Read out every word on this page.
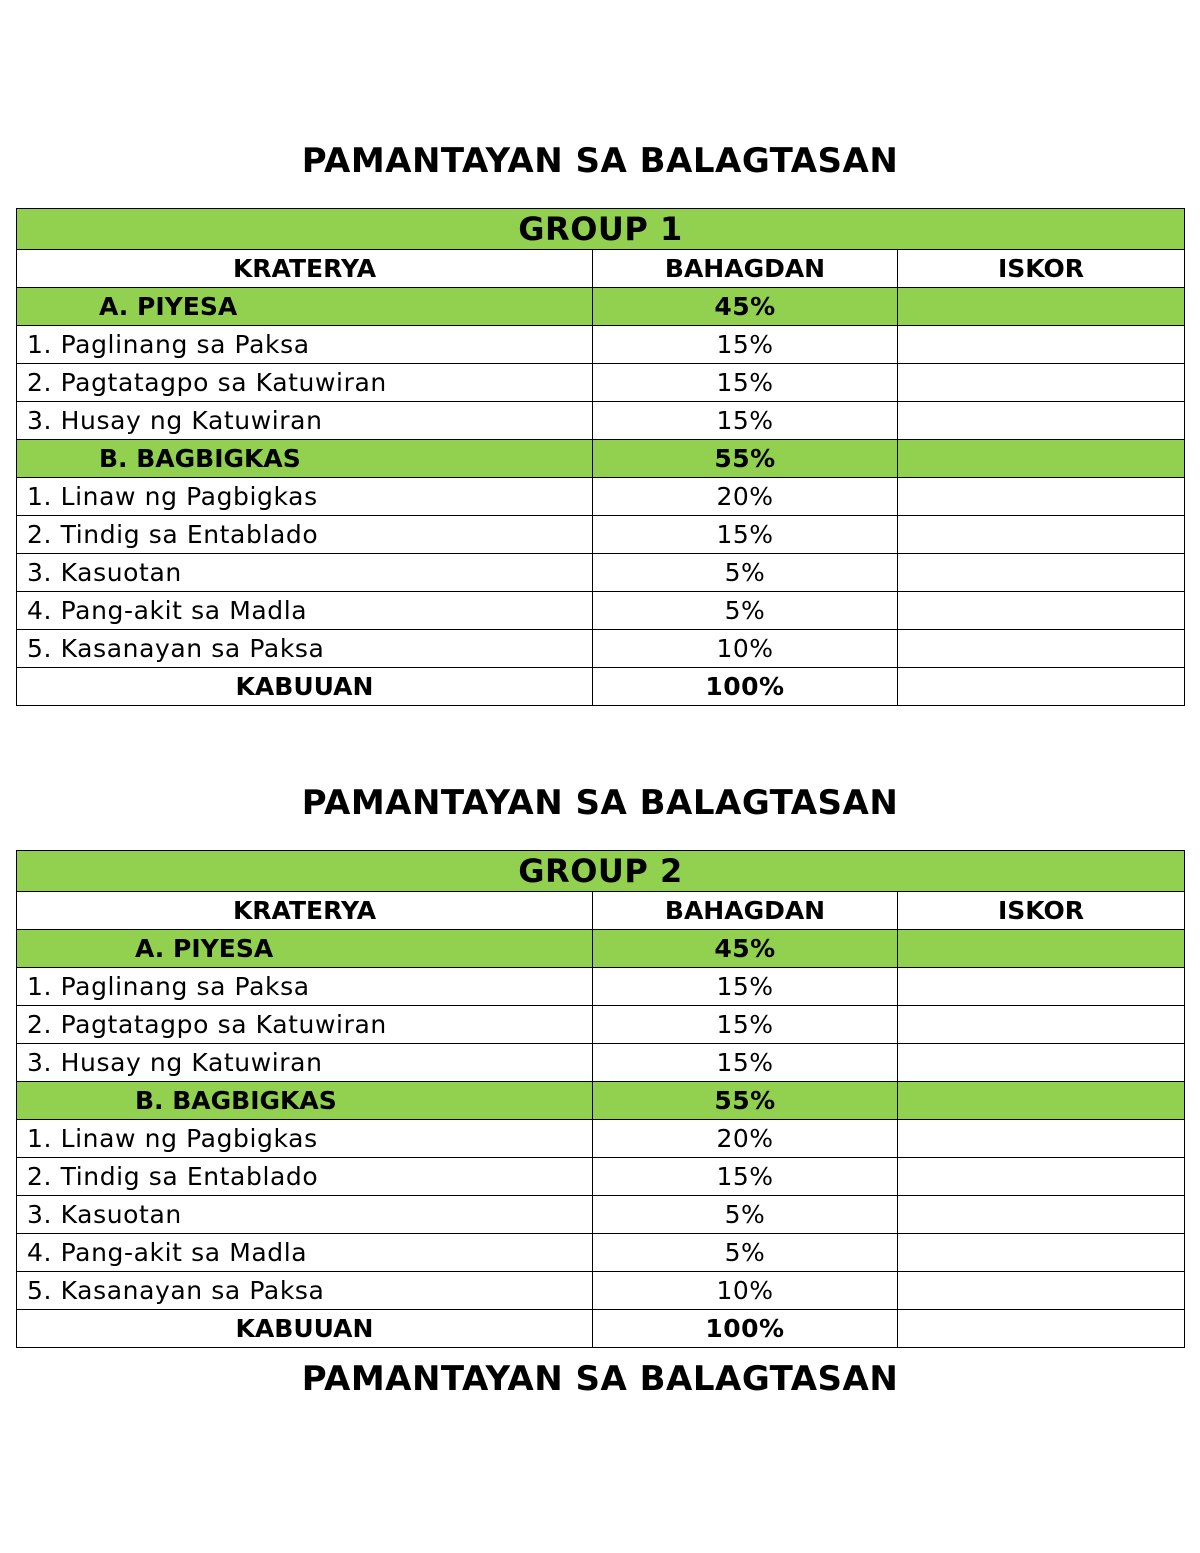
PAMANTAYAN SA BALAGTASAN
GROUP 1		
KRATERYA	BAHAGDAN	ISKOR
A. PIYESA	45%	
1. Paglinang sa Paksa	15%	
2. Pagtatagpo sa Katuwiran	15%	
3. Husay ng Katuwiran	15%	
B. BAGBIGKAS	55%	
1. Linaw ng Pagbigkas	20%	
2. Tindig sa Entablado	15%	
3. Kasuotan	5%	
4. Pang-akit sa Madla	5%	
5. Kasanayan sa Paksa	10%	
KABUUAN	100%	
PAMANTAYAN SA BALAGTASAN
GROUP 2		
KRATERYA	BAHAGDAN	ISKOR
A. PIYESA	45%	
1. Paglinang sa Paksa	15%	
2. Pagtatagpo sa Katuwiran	15%	
3. Husay ng Katuwiran	15%	
B. BAGBIGKAS	55%	
1. Linaw ng Pagbigkas	20%	
2. Tindig sa Entablado	15%	
3. Kasuotan	5%	
4. Pang-akit sa Madla	5%	
5. Kasanayan sa Paksa	10%	
KABUUAN	100%	
PAMANTAYAN SA BALAGTASAN
